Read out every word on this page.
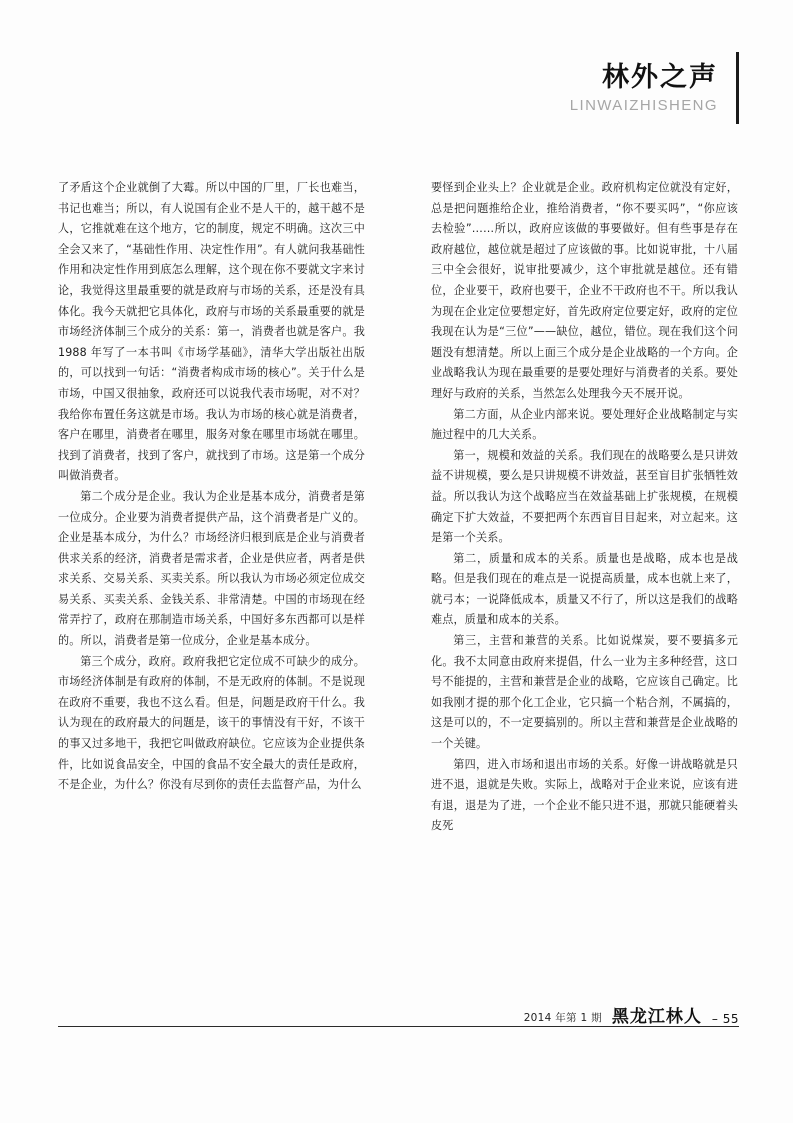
林外之声
LINWAIZHISHENG

了矛盾这个企业就倒了大霉。所以中国的厂里，厂长也难当，书记也难当；所以，有人说国有企业不是人干的，越干越不是人，它推就难在这个地方，它的制度，规定不明确。这次三中全会又来了，“基础性作用、决定性作用”。有人就问我基础性作用和决定性作用到底怎么理解，这个现在你不要就文字来讨论，我觉得这里最重要的就是政府与市场的关系，还是没有具体化。我今天就把它具体化，政府与市场的关系最重要的就是市场经济体制三个成分的关系：第一，消费者也就是客户。我 1988 年写了一本书叫《市场学基础》，清华大学出版社出版的，可以找到一句话：“消费者构成市场的核心”。关于什么是市场，中国又很抽象，政府还可以说我代表市场呢，对不对？我给你布置任务这就是市场。我认为市场的核心就是消费者，客户在哪里，消费者在哪里，服务对象在哪里市场就在哪里。找到了消费者，找到了客户，就找到了市场。这是第一个成分叫做消费者。

第二个成分是企业。我认为企业是基本成分，消费者是第一位成分。企业要为消费者提供产品，这个消费者是广义的。企业是基本成分，为什么？市场经济归根到底是企业与消费者供求关系的经济，消费者是需求者，企业是供应者，两者是供求关系、交易关系、买卖关系。所以我认为市场必须定位成交易关系、买卖关系、金钱关系、非常清楚。中国的市场现在经常弄拧了，政府在那制造市场关系，中国好多东西都可以是样的。所以，消费者是第一位成分，企业是基本成分。

第三个成分，政府。政府我把它定位成不可缺少的成分。市场经济体制是有政府的体制，不是无政府的体制。不是说现在政府不重要，我也不这么看。但是，问题是政府干什么。我认为现在的政府最大的问题是，该干的事情没有干好，不该干的事又过多地干，我把它叫做政府缺位。它应该为企业提供条件，比如说食品安全，中国的食品不安全最大的责任是政府，不是企业，为什么？你没有尽到你的责任去监督产品，为什么

要怪到企业头上？企业就是企业。政府机构定位就没有定好，总是把问题推给企业，推给消费者，“你不要买吗”，“你应该去检验”……所以，政府应该做的事要做好。但有些事是存在政府越位，越位就是超过了应该做的事。比如说审批，十八届三中全会很好，说审批要减少，这个审批就是越位。还有错位，企业要干，政府也要干，企业不干政府也不干。所以我认为现在企业定位要想定好，首先政府定位要定好，政府的定位我现在认为是“三位”——缺位，越位，错位。现在我们这个问题没有想清楚。所以上面三个成分是企业战略的一个方向。企业战略我认为现在最重要的是要处理好与消费者的关系。要处理好与政府的关系，当然怎么处理我今天不展开说。

第二方面，从企业内部来说。要处理好企业战略制定与实施过程中的几大关系。

第一，规模和效益的关系。我们现在的战略要么是只讲效益不讲规模，要么是只讲规模不讲效益，甚至盲目扩张牺牲效益。所以我认为这个战略应当在效益基础上扩张规模，在规模确定下扩大效益，不要把两个东西盲目目起来，对立起来。这是第一个关系。

第二，质量和成本的关系。质量也是战略，成本也是战略。但是我们现在的难点是一说提高质量，成本也就上来了，就弓本；一说降低成本，质量又不行了，所以这是我们的战略难点，质量和成本的关系。

第三，主营和兼营的关系。比如说煤炭，要不要搞多元化。我不太同意由政府来提倡，什么一业为主多种经营，这口号不能提的，主营和兼营是企业的战略，它应该自己确定。比如我刚才提的那个化工企业，它只搞一个粘合剂，不属搞的，这是可以的，不一定要搞别的。所以主营和兼营是企业战略的一个关键。

第四，进入市场和退出市场的关系。好像一讲战略就是只进不退，退就是失败。实际上，战略对于企业来说，应该有进有退，退是为了进，一个企业不能只进不退，那就只能硬着头皮死

2014 年第 1 期 黑龙江林人 – 55
